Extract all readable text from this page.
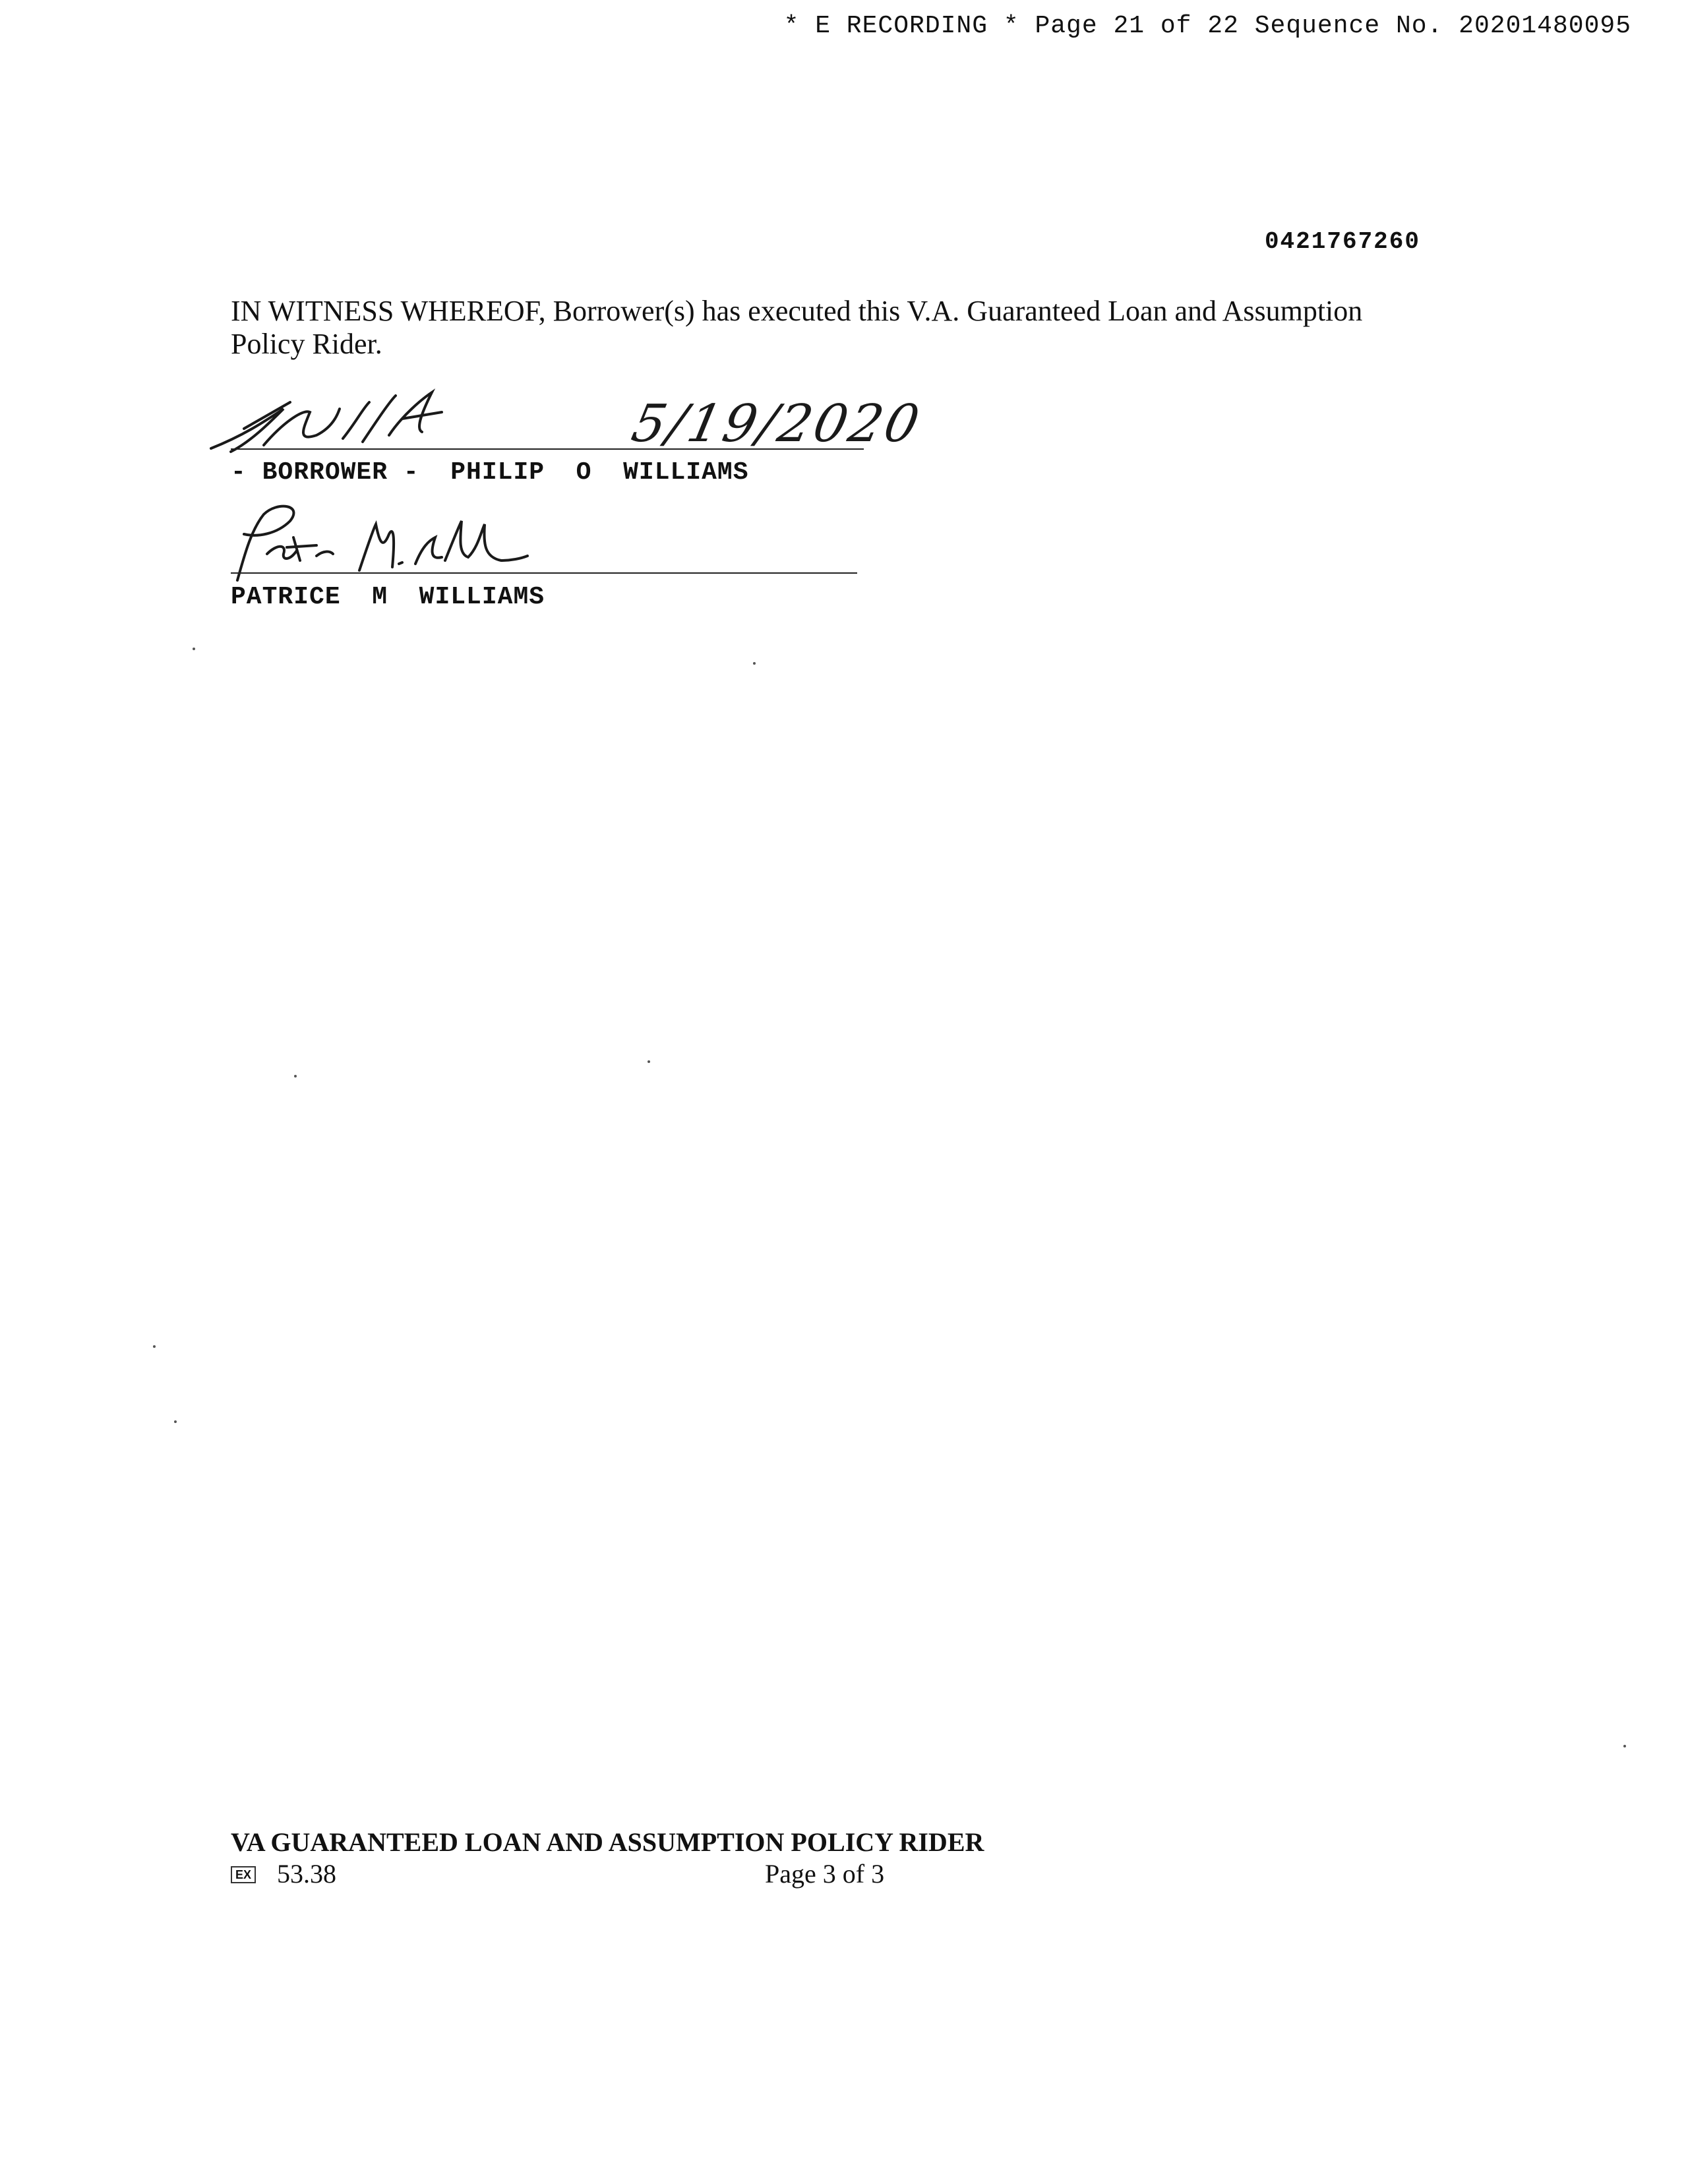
* E RECORDING * Page 21 of 22 Sequence No. 20201480095
0421767260
IN WITNESS WHEREOF, Borrower(s) has executed this V.A. Guaranteed Loan and Assumption Policy Rider.
5/19/2020
- BORROWER -  PHILIP  O  WILLIAMS
PATRICE  M  WILLIAMS
VA GUARANTEED LOAN AND ASSUMPTION POLICY RIDER
EX 53.38	Page 3 of 3
